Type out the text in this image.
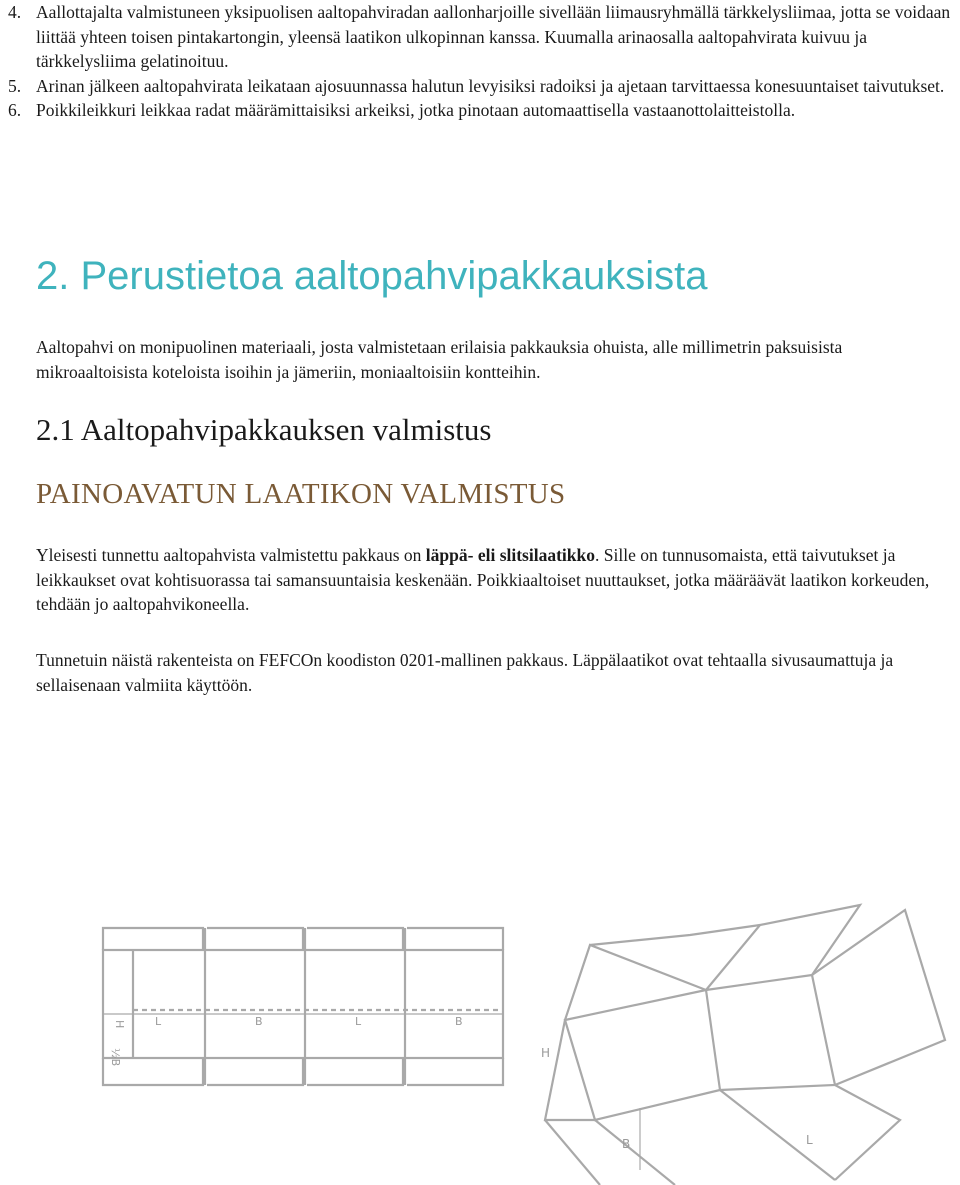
4. Aallottajalta valmistuneen yksipuolisen aaltopahviradan aallonharjoille sivellään liimausryhmällä tärkkelysliimaa, jotta se voidaan liittää yhteen toisen pintakartongin, yleensä laatikon ulkopinnan kanssa. Kuumalla arinaosalla aaltopahvirata kuivuu ja tärkkelysliima gelatinoituu.
5. Arinan jälkeen aaltopahvirata leikataan ajosuunnassa halutun levyisiksi radoiksi ja ajetaan tarvittaessa konesuuntaiset taivutukset.
6. Poikkileikkuri leikkaa radat määrämittaisiksi arkeiksi, jotka pinotaan automaattisella vastaanottolaitteistolla.
2. Perustietoa aaltopahvipakkauksista

Aaltopahvi on monipuolinen materiaali, josta valmistetaan erilaisia pakkauksia ohuista, alle millimetrin paksuisista mikroaaltoisista koteloista isoihin ja jämeriin, moniaaltoisiin kontteihin.

2.1 Aaltopahvipakkauksen valmistus
PAINOAVATUN LAATIKON VALMISTUS

Yleisesti tunnettu aaltopahvista valmistettu pakkaus on läppä- eli slitsilaatikko. Sille on tunnusomaista, että taivutukset ja leikkaukset ovat kohtisuorassa tai samansuuntaisia keskenään. Poikkiaaltoiset nuuttaukset, jotka määräävät laatikon korkeuden, tehdään jo aaltopahvikoneella.

Tunnetuin näistä rakenteista on FEFCOn koodiston 0201-mallinen pakkaus. Läppälaatikot ovat tehtaalla sivusaumattuja ja sellaisenaan valmiita käyttöön.

H	L	B	L	B
½B	H
B	L
